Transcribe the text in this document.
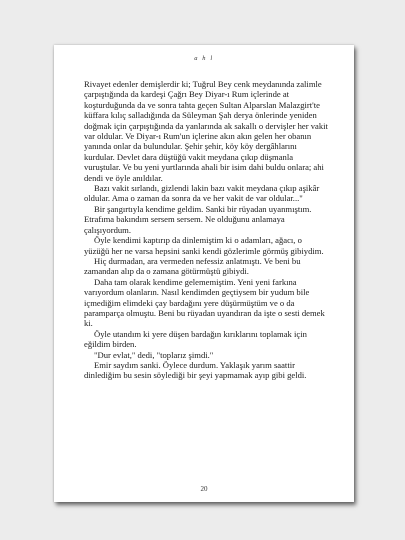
a h l

Rivayet edenler demişlerdir ki; Tuğrul Bey cenk meydanında zalimle çarpıştığında da kardeşi Çağrı Bey Diyar-ı Rum içlerinde at koşturduğunda da ve sonra tahta geçen Sultan Alparslan Malazgirt'te küffara kılıç salladığında da Süleyman Şah derya önlerinde yeniden doğmak için çarpıştığında da yanlarında ak sakallı o dervişler her vakit var oldular. Ve Diyar-ı Rum'un içlerine akın akın gelen her obanın yanında onlar da bulundular. Şehir şehir, köy köy dergâhlarını kurdular. Devlet dara düştüğü vakit meydana çıkıp düşmanla vuruştular. Ve bu yeni yurtlarında ahali bir isim dahi buldu onlara; ahi dendi ve öyle anıldılar.

Bazı vakit sırlandı, gizlendi lakin bazı vakit meydana çıkıp aşikâr oldular. Ama o zaman da sonra da ve her vakit de var oldular..."

Bir şangırtıyla kendime geldim. Sanki bir rüyadan uyanmıştım. Etrafıma bakındım sersem sersem. Ne olduğunu anlamaya çalışıyordum.

Öyle kendimi kaptırıp da dinlemiştim ki o adamları, ağacı, o yüzüğü her ne varsa hepsini sanki kendi gözlerimle görmüş gibiydim.

Hiç durmadan, ara vermeden nefessiz anlatmıştı. Ve beni bu zamandan alıp da o zamana götürmüştü gibiydi.

Daha tam olarak kendime gelememiştim. Yeni yeni farkına varıyordum olanların. Nasıl kendimden geçtiysem bir yudum bile içmediğim elimdeki çay bardağını yere düşürmüştüm ve o da paramparça olmuştu. Beni bu rüyadan uyandıran da işte o sesti demek ki.

Öyle utandım ki yere düşen bardağın kırıklarını toplamak için eğildim birden.

"Dur evlat," dedi, "toplarız şimdi."

Emir saydım sanki. Öylece durdum. Yaklaşık yarım saattir dinlediğim bu sesin söylediği bir şeyi yapmamak ayıp gibi geldi.

20
